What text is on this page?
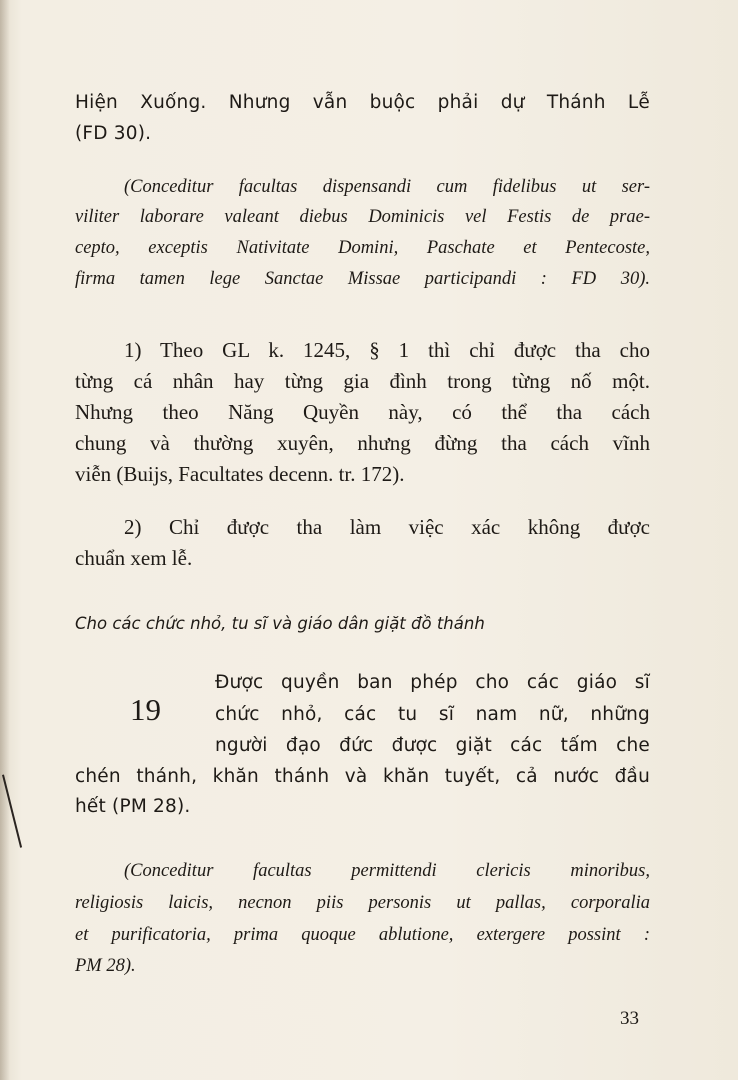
Hiện Xuống. Nhưng vẫn buộc phải dự Thánh Lễ
(FD 30).
(Conceditur facultas dispensandi cum fidelibus ut ser-
viliter laborare valeant diebus Dominicis vel Festis de prae-
cepto, exceptis Nativitate Domini, Paschate et Pentecoste,
firma tamen lege Sanctae Missae participandi : FD 30).
1) Theo GL k. 1245, § 1 thì chỉ được tha cho
từng cá nhân hay từng gia đình trong từng nố một.
Nhưng theo Năng Quyền này, có thể tha cách
chung và thường xuyên, nhưng đừng tha cách vĩnh
viễn (Buijs, Facultates decenn. tr. 172).
2) Chỉ được tha làm việc xác không được
chuẩn xem lễ.
Cho các chức nhỏ, tu sĩ và giáo dân giặt đồ thánh
19
Được quyền ban phép cho các giáo sĩ
chức nhỏ, các tu sĩ nam nữ, những
người đạo đức được giặt các tấm che
chén thánh, khăn thánh và khăn tuyết, cả nước đầu
hết (PM 28).
(Conceditur facultas permittendi clericis minoribus,
religiosis laicis, necnon piis personis ut pallas, corporalia
et purificatoria, prima quoque ablutione, extergere possint :
PM 28).
33
